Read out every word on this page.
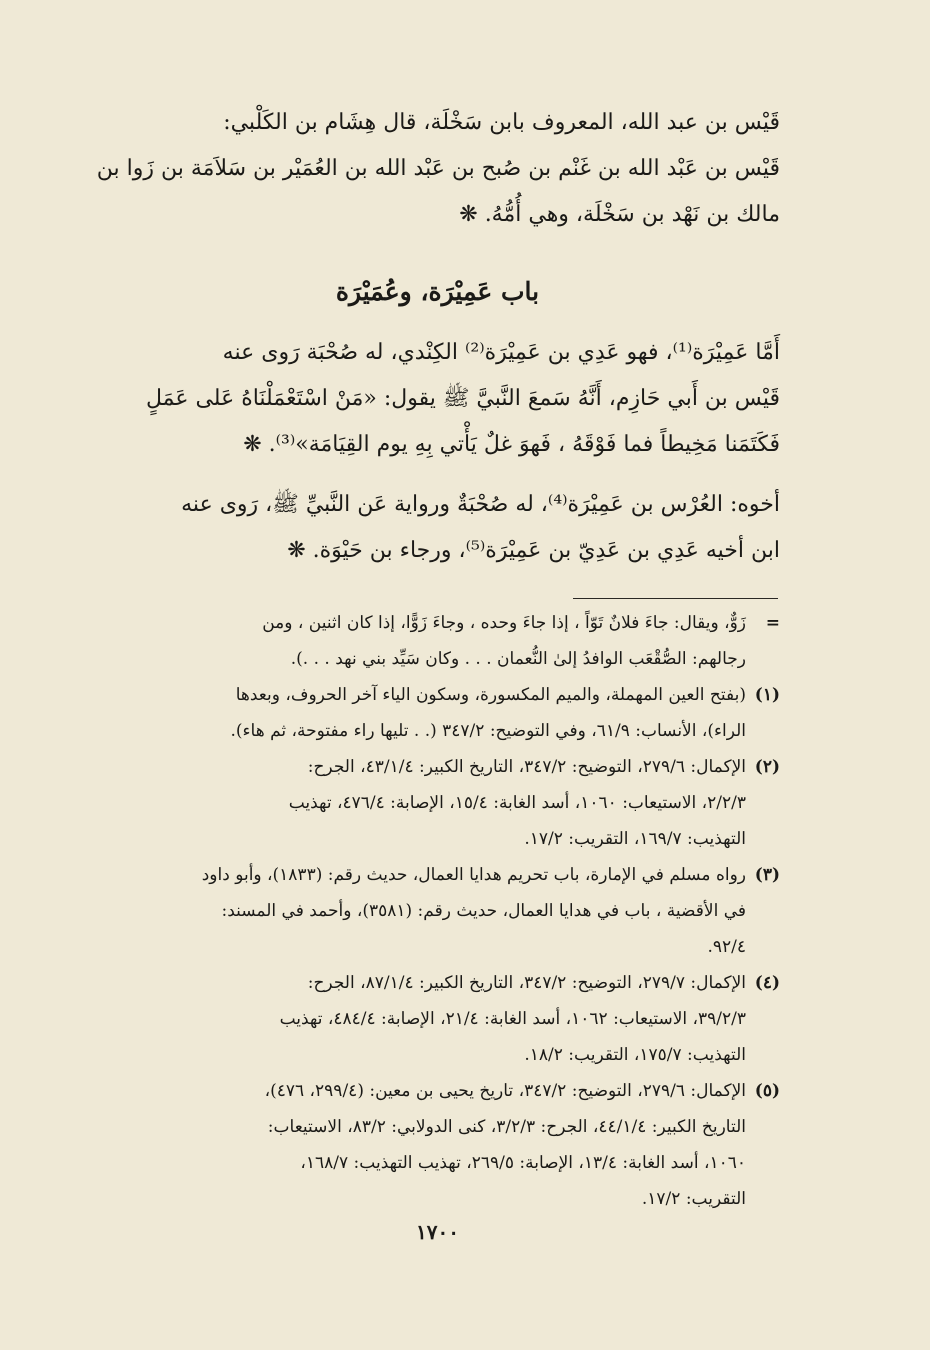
قَيْس بن عبد الله، المعروف بابن سَخْلَة، قال هِشَام بن الكَلْبي:
قَيْس بن عَبْد الله بن غَنْم بن صُبح بن عَبْد الله بن العُمَيْر بن سَلاَمَة بن زَوا بن
مالك بن نَهْد بن سَخْلَة، وهي أُمُّهُ. ❋

باب عَمِيْرَة، وعُمَيْرَة

أَمَّا عَمِيْرَة⁽¹⁾، فهو عَدِي بن عَمِيْرَة⁽²⁾ الكِنْدي، له صُحْبَة رَوى عنه
قَيْس بن أَبي حَازِم، أَنَّهُ سَمعَ النَّبيَّ ﷺ يقول: «مَنْ اسْتَعْمَلْنَاهُ عَلى عَمَلٍ
فَكَتَمَنا مَخِيطاً فما فَوْقَهُ ، فَهوَ غلٌ يَأْتي بِهِ يوم القِيَامَة»⁽³⁾. ❋

أخوه: العُرْس بن عَمِيْرَة⁽⁴⁾، له صُحْبَةٌ ورواية عَن النَّبيِّ ﷺ، رَوى عنه
ابن أخيه عَدِي بن عَدِيّ بن عَمِيْرَة⁽⁵⁾، ورجاء بن حَيْوَة. ❋

=
زَوٌّ، ويقال: جاءَ فلانٌ تَوّاً ، إذا جاءَ وحده ، وجاءَ زَوًّا، إذا كان اثنين ، ومن
رجالهم: الصُّقْعَب الوافدُ إلىٰ النُّعمان . . . وكان سَيِّد بني نهد . . .).
(١)
(بفتح العين المهملة، والميم المكسورة، وسكون الياء آخر الحروف، وبعدها
الراء)، الأنساب: ٦١/٩، وفي التوضيح: ٣٤٧/٢ (. . تليها راء مفتوحة، ثم هاء).
(٢)
الإكمال: ٢٧٩/٦، التوضيح: ٣٤٧/٢، التاريخ الكبير: ٤٣/١/٤، الجرح:
٢/٢/٣، الاستيعاب: ١٠٦٠، أسد الغابة: ١٥/٤، الإصابة: ٤٧٦/٤، تهذيب
التهذيب: ١٦٩/٧، التقريب: ١٧/٢.
(٣)
رواه مسلم في الإمارة، باب تحريم هدايا العمال، حديث رقم: (١٨٣٣)، وأبو داود
في الأقضية ، باب في هدايا العمال، حديث رقم: (٣٥٨١)، وأحمد في المسند:
٩٢/٤.
(٤)
الإكمال: ٢٧٩/٧، التوضيح: ٣٤٧/٢، التاريخ الكبير: ٨٧/١/٤، الجرح:
٣٩/٢/٣، الاستيعاب: ١٠٦٢، أسد الغابة: ٢١/٤، الإصابة: ٤٨٤/٤، تهذيب
التهذيب: ١٧٥/٧، التقريب: ١٨/٢.
(٥)
الإكمال: ٢٧٩/٦، التوضيح: ٣٤٧/٢، تاريخ يحيى بن معين: (٢٩٩/٤، ٤٧٦)،
التاريخ الكبير: ٤٤/١/٤، الجرح: ٣/٢/٣، كنى الدولابي: ٨٣/٢، الاستيعاب:
١٠٦٠، أسد الغابة: ١٣/٤، الإصابة: ٢٦٩/٥، تهذيب التهذيب: ١٦٨/٧،
التقريب: ١٧/٢.
١٧٠٠
